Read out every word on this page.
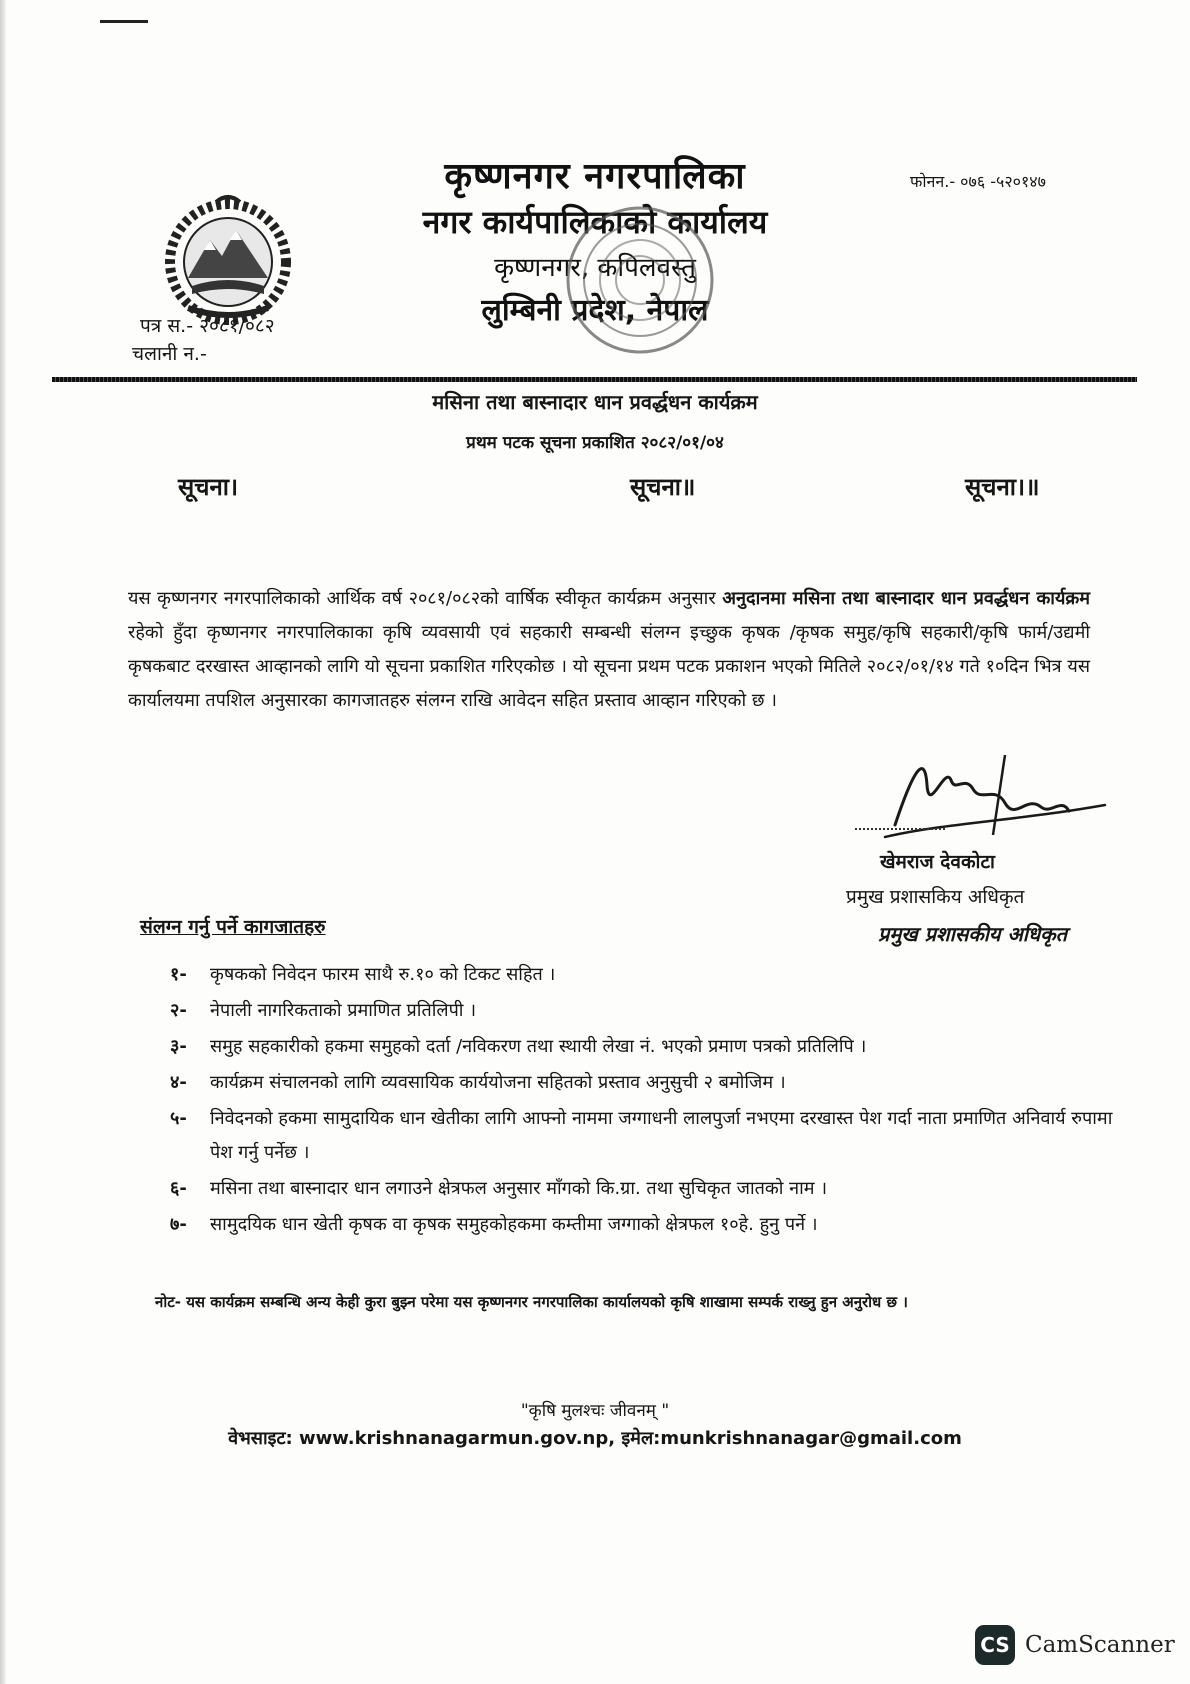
कृष्णनगर नगरपालिका
नगर कार्यपालिकाको कार्यालय
कृष्णनगर, कपिलवस्तु
लुम्बिनी प्रदेश, नेपाल
फोनन.- ०७६ -५२०१४७
पत्र स.- २०८१/०८२
चलानी न.-
मसिना तथा बास्नादार धान प्रवर्द्धधन कार्यक्रम
प्रथम पटक सूचना प्रकाशित २०८२/०१/०४
सूचना।	सूचना॥	सूचना।॥
यस कृष्णनगर नगरपालिकाको आर्थिक वर्ष २०८१/०८२को वार्षिक स्वीकृत कार्यक्रम अनुसार अनुदानमा मसिना तथा बास्नादार धान प्रवर्द्धधन कार्यक्रम रहेको हुँदा कृष्णनगर नगरपालिकाका कृषि व्यवसायी एवं सहकारी सम्बन्धी संलग्न इच्छुक कृषक /कृषक समुह/कृषि सहकारी/कृषि फार्म/उद्यमी कृषकबाट दरखास्त आव्हानको लागि यो सूचना प्रकाशित गरिएकोछ । यो सूचना प्रथम पटक प्रकाशन भएको मितिले २०८२/०१/१४ गते १०दिन भित्र यस कार्यालयमा तपशिल अनुसारका कागजातहरु संलग्न राखि आवेदन सहित प्रस्ताव आव्हान गरिएको छ ।
खेमराज देवकोटा
प्रमुख प्रशासकिय अधिकृत
प्रमुख प्रशासकीय अधिकृत
संलग्न गर्नु पर्ने कागजातहरु
१-	कृषकको निवेदन फारम साथै रु.१० को टिकट सहित ।
२-	नेपाली नागरिकताको प्रमाणित प्रतिलिपी ।
३-	समुह सहकारीको हकमा समुहको दर्ता /नविकरण तथा स्थायी लेखा नं. भएको प्रमाण पत्रको प्रतिलिपि ।
४-	कार्यक्रम संचालनको लागि व्यवसायिक कार्ययोजना सहितको प्रस्ताव अनुसुची २ बमोजिम ।
५-	निवेदनको हकमा सामुदायिक धान खेतीका लागि आफ्नो नाममा जग्गाधनी लालपुर्जा नभएमा दरखास्त पेश गर्दा नाता प्रमाणित अनिवार्य रुपामा पेश गर्नु पर्नेछ ।
६-	मसिना तथा बास्नादार धान लगाउने क्षेत्रफल अनुसार माँगको कि.ग्रा. तथा सुचिकृत जातको नाम ।
७-	सामुदयिक धान खेती कृषक वा कृषक समुहकोहकमा कम्तीमा जग्गाको क्षेत्रफल १०हे. हुनु पर्ने ।
नोट- यस कार्यक्रम सम्बन्धि अन्य केही कुरा बुझ्न परेमा यस कृष्णनगर नगरपालिका कार्यालयको कृषि शाखामा सम्पर्क राख्नु हुन अनुरोध छ ।
"कृषि मुलश्चः जीवनम् "
वेभसाइट: www.krishnanagarmun.gov.np, इमेल:munkrishnanagar@gmail.com
CS CamScanner
